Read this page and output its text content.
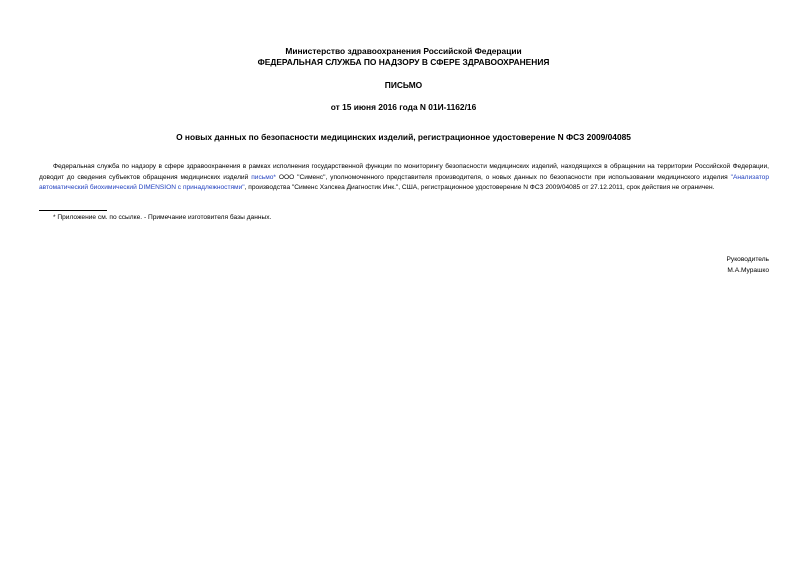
Министерство здравоохранения Российской Федерации
ФЕДЕРАЛЬНАЯ СЛУЖБА ПО НАДЗОРУ В СФЕРЕ ЗДРАВООХРАНЕНИЯ
ПИСЬМО
от 15 июня 2016 года N 01И-1162/16
О новых данных по безопасности медицинских изделий, регистрационное удостоверение N ФСЗ 2009/04085
Федеральная служба по надзору в сфере здравоохранения в рамках исполнения государственной функции по мониторингу безопасности медицинских изделий, находящихся в обращении на территории Российской Федерации, доводит до сведения субъектов обращения медицинских изделий письмо* ООО "Сименс", уполномоченного представителя производителя, о новых данных по безопасности при использовании медицинского изделия "Анализатор автоматический биохимический DIMENSION с принадлежностями", производства "Сименс Хэлскеа Диагностик Инк.", США, регистрационное удостоверение N ФСЗ 2009/04085 от 27.12.2011, срок действия не ограничен.
* Приложение см. по ссылке. - Примечание изготовителя базы данных.
Руководитель
М.А.Мурашко
